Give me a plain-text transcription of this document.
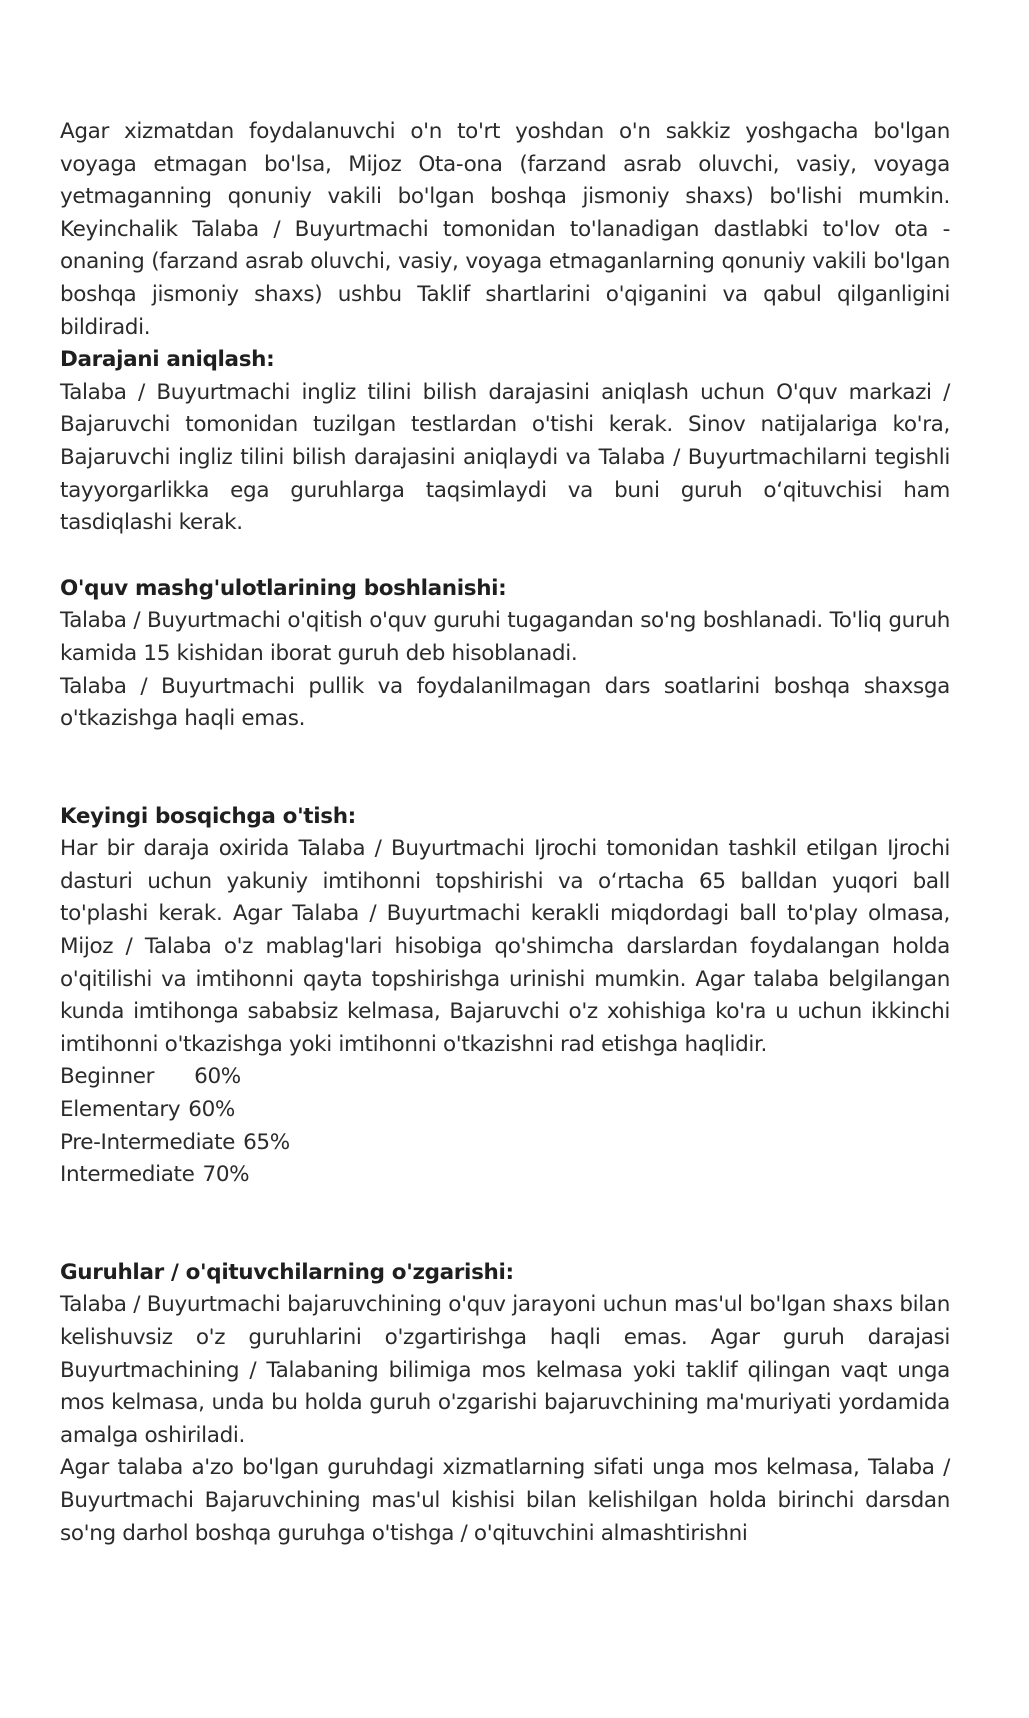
Agar xizmatdan foydalanuvchi o'n to'rt yoshdan o'n sakkiz yoshgacha bo'lgan voyaga etmagan bo'lsa, Mijoz Ota-ona (farzand asrab oluvchi, vasiy, voyaga yetmaganning qonuniy vakili bo'lgan boshqa jismoniy shaxs) bo'lishi mumkin. Keyinchalik Talaba / Buyurtmachi tomonidan to'lanadigan dastlabki to'lov ota - onaning (farzand asrab oluvchi, vasiy, voyaga etmaganlarning qonuniy vakili bo'lgan boshqa jismoniy shaxs) ushbu Taklif shartlarini o'qiganini va qabul qilganligini bildiradi.

Darajani aniqlash:

Talaba / Buyurtmachi ingliz tilini bilish darajasini aniqlash uchun O'quv markazi / Bajaruvchi tomonidan tuzilgan testlardan o'tishi kerak. Sinov natijalariga ko'ra, Bajaruvchi ingliz tilini bilish darajasini aniqlaydi va Talaba / Buyurtmachilarni tegishli tayyorgarlikka ega guruhlarga taqsimlaydi va buni guruh o‘qituvchisi ham tasdiqlashi kerak.

O'quv mashg'ulotlarining boshlanishi:

Talaba / Buyurtmachi o'qitish o'quv guruhi tugagandan so'ng boshlanadi. To'liq guruh kamida 15 kishidan iborat guruh deb hisoblanadi.

Talaba / Buyurtmachi pullik va foydalanilmagan dars soatlarini boshqa shaxsga o'tkazishga haqli emas.

Keyingi bosqichga o'tish:

Har bir daraja oxirida Talaba / Buyurtmachi Ijrochi tomonidan tashkil etilgan Ijrochi dasturi uchun yakuniy imtihonni topshirishi va o‘rtacha 65 balldan yuqori ball to'plashi kerak. Agar Talaba / Buyurtmachi kerakli miqdordagi ball to'play olmasa, Mijoz / Talaba o'z mablag'lari hisobiga qo'shimcha darslardan foydalangan holda o'qitilishi va imtihonni qayta topshirishga urinishi mumkin. Agar talaba belgilangan kunda imtihonga sababsiz kelmasa, Bajaruvchi o'z xohishiga ko'ra u uchun ikkinchi imtihonni o'tkazishga yoki imtihonni o'tkazishni rad etishga haqlidir.

Beginner 60%
Elementary 60%
Pre-Intermediate 65%
Intermediate 70%
Guruhlar / o'qituvchilarning o'zgarishi:

Talaba / Buyurtmachi bajaruvchining o'quv jarayoni uchun mas'ul bo'lgan shaxs bilan kelishuvsiz o'z guruhlarini o'zgartirishga haqli emas. Agar guruh darajasi Buyurtmachining / Talabaning bilimiga mos kelmasa yoki taklif qilingan vaqt unga mos kelmasa, unda bu holda guruh o'zgarishi bajaruvchining ma'muriyati yordamida amalga oshiriladi.

Agar talaba a'zo bo'lgan guruhdagi xizmatlarning sifati unga mos kelmasa, Talaba / Buyurtmachi Bajaruvchining mas'ul kishisi bilan kelishilgan holda birinchi darsdan so'ng darhol boshqa guruhga o'tishga / o'qituvchini almashtirishni
